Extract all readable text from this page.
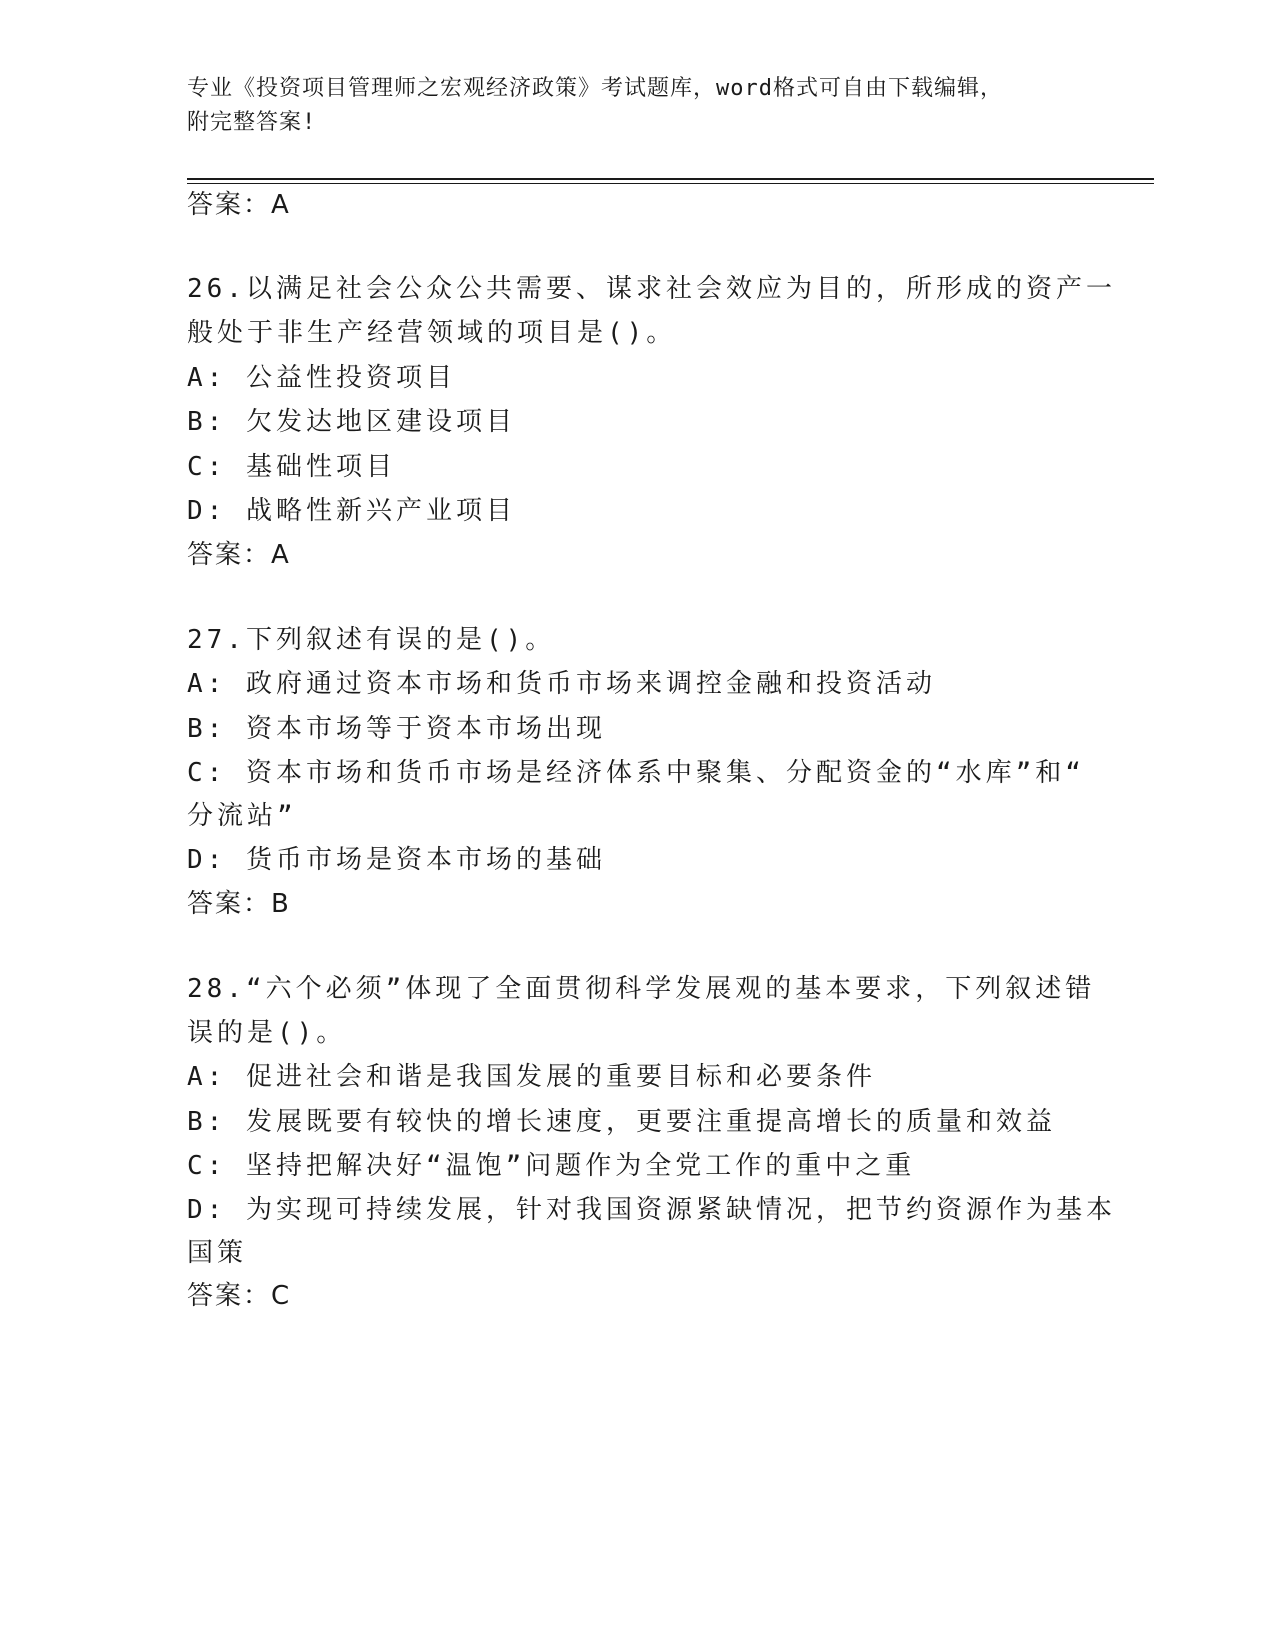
专业《投资项目管理师之宏观经济政策》考试题库，word格式可自由下载编辑，
附完整答案!
答案：A
26.以满足社会公众公共需要、谋求社会效应为目的，所形成的资产一
般处于非生产经营领域的项目是()。
A: 公益性投资项目
B: 欠发达地区建设项目
C: 基础性项目
D: 战略性新兴产业项目
答案：A
27.下列叙述有误的是()。
A: 政府通过资本市场和货币市场来调控金融和投资活动
B: 资本市场等于资本市场出现
C: 资本市场和货币市场是经济体系中聚集、分配资金的“水库”和“
分流站”
D: 货币市场是资本市场的基础
答案：B
28.“六个必须”体现了全面贯彻科学发展观的基本要求，下列叙述错
误的是()。
A: 促进社会和谐是我国发展的重要目标和必要条件
B: 发展既要有较快的增长速度，更要注重提高增长的质量和效益
C: 坚持把解决好“温饱”问题作为全党工作的重中之重
D: 为实现可持续发展，针对我国资源紧缺情况，把节约资源作为基本
国策
答案：C
